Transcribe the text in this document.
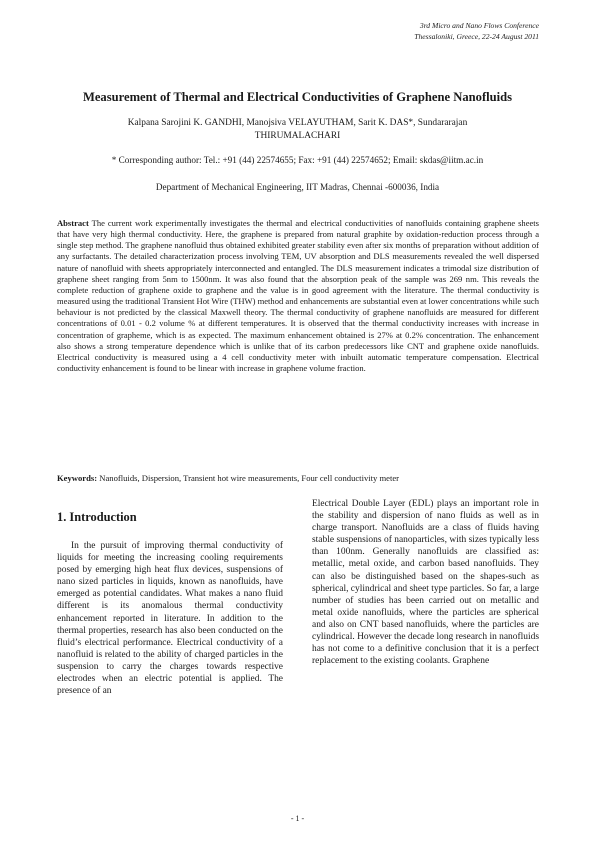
3rd Micro and Nano Flows Conference
Thessaloniki, Greece, 22-24 August 2011
Measurement of Thermal and Electrical Conductivities of Graphene Nanofluids
Kalpana Sarojini K. GANDHI, Manojsiva VELAYUTHAM, Sarit K. DAS*, Sundararajan THIRUMALACHARI
* Corresponding author: Tel.: +91 (44) 22574655; Fax: +91 (44) 22574652; Email: skdas@iitm.ac.in
Department of Mechanical Engineering, IIT Madras, Chennai -600036, India
Abstract The current work experimentally investigates the thermal and electrical conductivities of nanofluids containing graphene sheets that have very high thermal conductivity. Here, the graphene is prepared from natural graphite by oxidation-reduction process through a single step method. The graphene nanofluid thus obtained exhibited greater stability even after six months of preparation without addition of any surfactants. The detailed characterization process involving TEM, UV absorption and DLS measurements revealed the well dispersed nature of nanofluid with sheets appropriately interconnected and entangled. The DLS measurement indicates a trimodal size distribution of graphene sheet ranging from 5nm to 1500nm. It was also found that the absorption peak of the sample was 269 nm. This reveals the complete reduction of graphene oxide to graphene and the value is in good agreement with the literature. The thermal conductivity is measured using the traditional Transient Hot Wire (THW) method and enhancements are substantial even at lower concentrations while such behaviour is not predicted by the classical Maxwell theory. The thermal conductivity of graphene nanofluids are measured for different concentrations of 0.01 - 0.2 volume % at different temperatures. It is observed that the thermal conductivity increases with increase in concentration of grapheme, which is as expected. The maximum enhancement obtained is 27% at 0.2% concentration. The enhancement also shows a strong temperature dependence which is unlike that of its carbon predecessors like CNT and graphene oxide nanofluids. Electrical conductivity is measured using a 4 cell conductivity meter with inbuilt automatic temperature compensation. Electrical conductivity enhancement is found to be linear with increase in graphene volume fraction.
Keywords: Nanofluids, Dispersion, Transient hot wire measurements, Four cell conductivity meter
1. Introduction

In the pursuit of improving thermal conductivity of liquids for meeting the increasing cooling requirements posed by emerging high heat flux devices, suspensions of nano sized particles in liquids, known as nanofluids, have emerged as potential candidates. What makes a nano fluid different is its anomalous thermal conductivity enhancement reported in literature. In addition to the thermal properties, research has also been conducted on the fluid’s electrical performance. Electrical conductivity of a nanofluid is related to the ability of charged particles in the suspension to carry the charges towards respective electrodes when an electric potential is applied. The presence of an

Electrical Double Layer (EDL) plays an important role in the stability and dispersion of nano fluids as well as in charge transport. Nanofluids are a class of fluids having stable suspensions of nanoparticles, with sizes typically less than 100nm. Generally nanofluids are classified as: metallic, metal oxide, and carbon based nanofluids. They can also be distinguished based on the shapes-such as spherical, cylindrical and sheet type particles. So far, a large number of studies has been carried out on metallic and metal oxide nanofluids, where the particles are spherical and also on CNT based nanofluids, where the particles are cylindrical. However the decade long research in nanofluids has not come to a definitive conclusion that it is a perfect replacement to the existing coolants. Graphene

- 1 -
